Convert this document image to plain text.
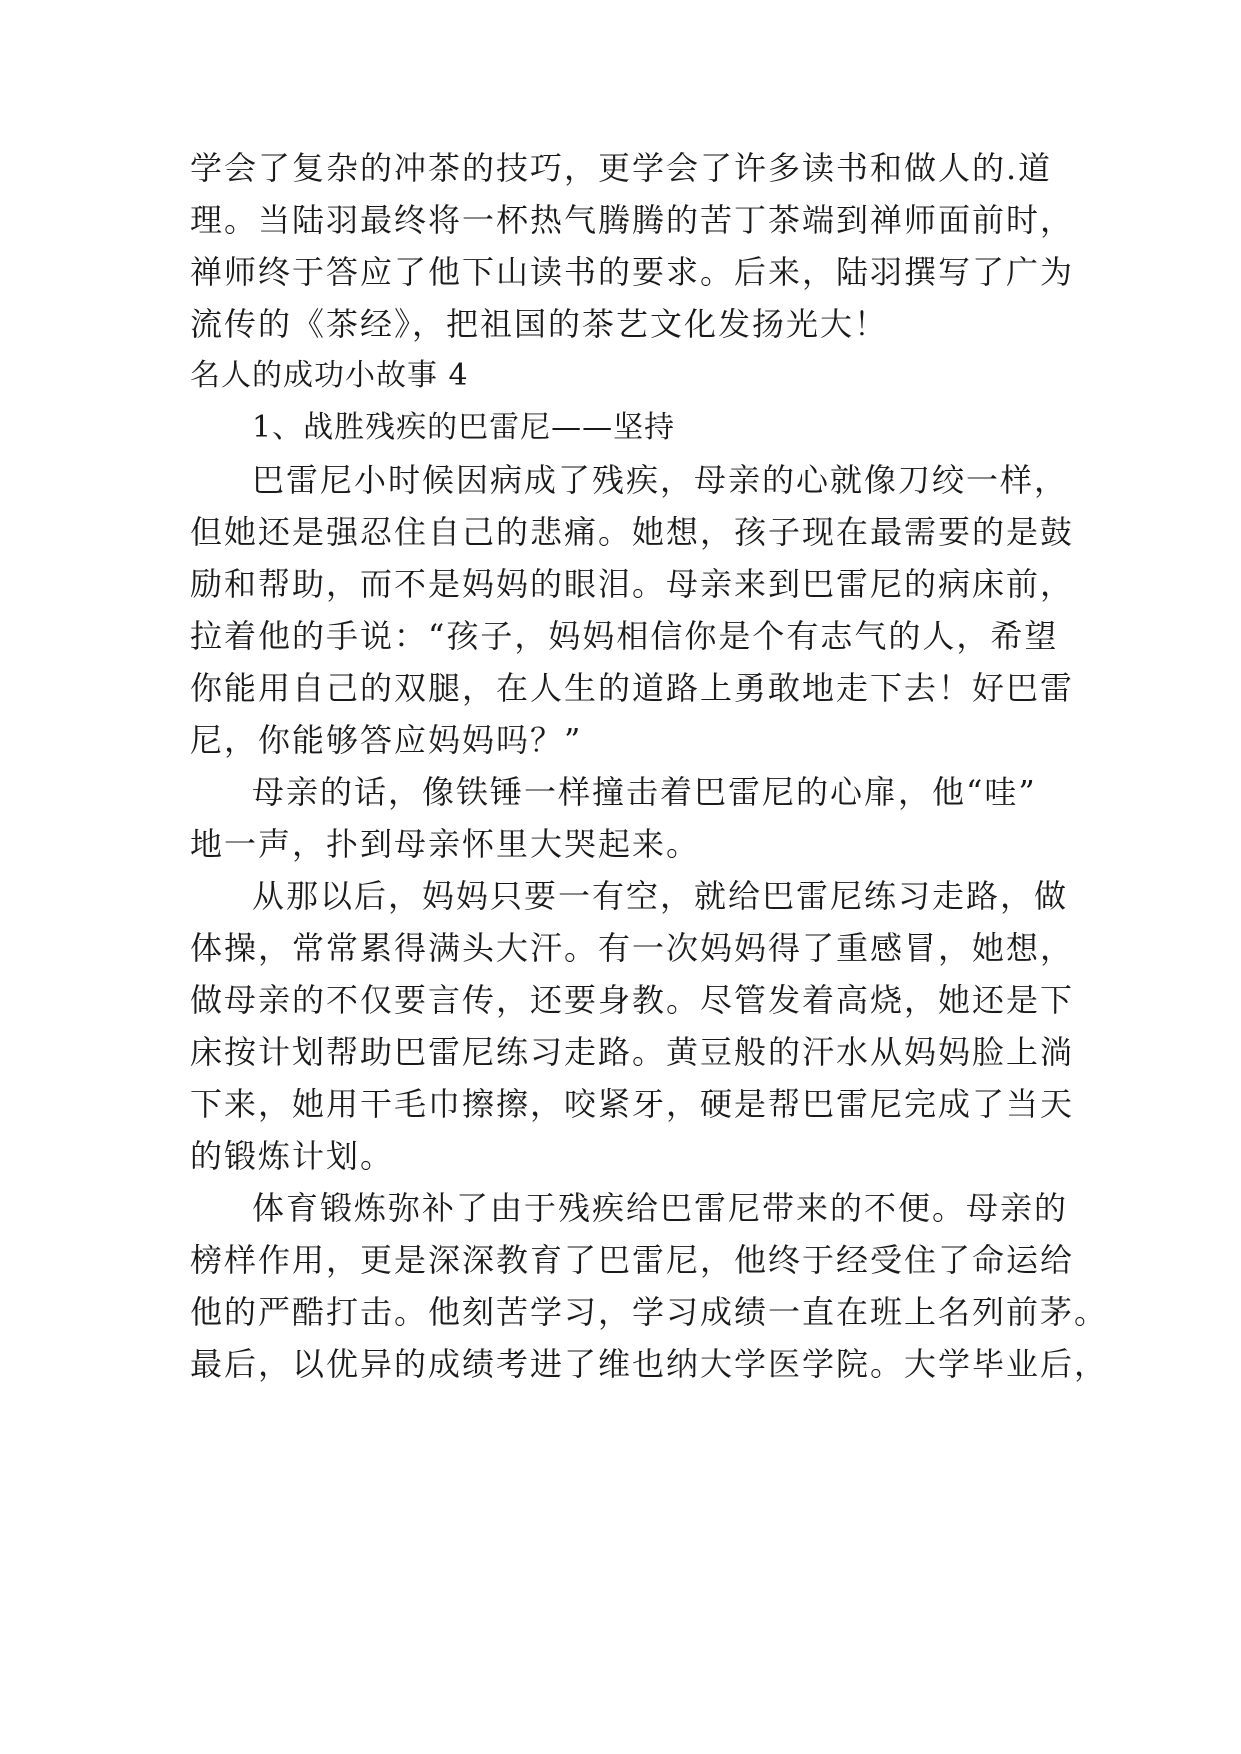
学会了复杂的冲茶的技巧，更学会了许多读书和做人的.道
理。当陆羽最终将一杯热气腾腾的苦丁茶端到禅师面前时，
禅师终于答应了他下山读书的要求。后来，陆羽撰写了广为
流传的《茶经》，把祖国的茶艺文化发扬光大！
名人的成功小故事 4
1、战胜残疾的巴雷尼——坚持
巴雷尼小时候因病成了残疾，母亲的心就像刀绞一样，
但她还是强忍住自己的悲痛。她想，孩子现在最需要的是鼓
励和帮助，而不是妈妈的眼泪。母亲来到巴雷尼的病床前，
拉着他的手说：“孩子，妈妈相信你是个有志气的人，希望
你能用自己的双腿，在人生的道路上勇敢地走下去！好巴雷
尼，你能够答应妈妈吗？”
母亲的话，像铁锤一样撞击着巴雷尼的心扉，他“哇”
地一声，扑到母亲怀里大哭起来。
从那以后，妈妈只要一有空，就给巴雷尼练习走路，做
体操，常常累得满头大汗。有一次妈妈得了重感冒，她想，
做母亲的不仅要言传，还要身教。尽管发着高烧，她还是下
床按计划帮助巴雷尼练习走路。黄豆般的汗水从妈妈脸上淌
下来，她用干毛巾擦擦，咬紧牙，硬是帮巴雷尼完成了当天
的锻炼计划。
体育锻炼弥补了由于残疾给巴雷尼带来的不便。母亲的
榜样作用，更是深深教育了巴雷尼，他终于经受住了命运给
他的严酷打击。他刻苦学习，学习成绩一直在班上名列前茅。
最后，以优异的成绩考进了维也纳大学医学院。大学毕业后，
